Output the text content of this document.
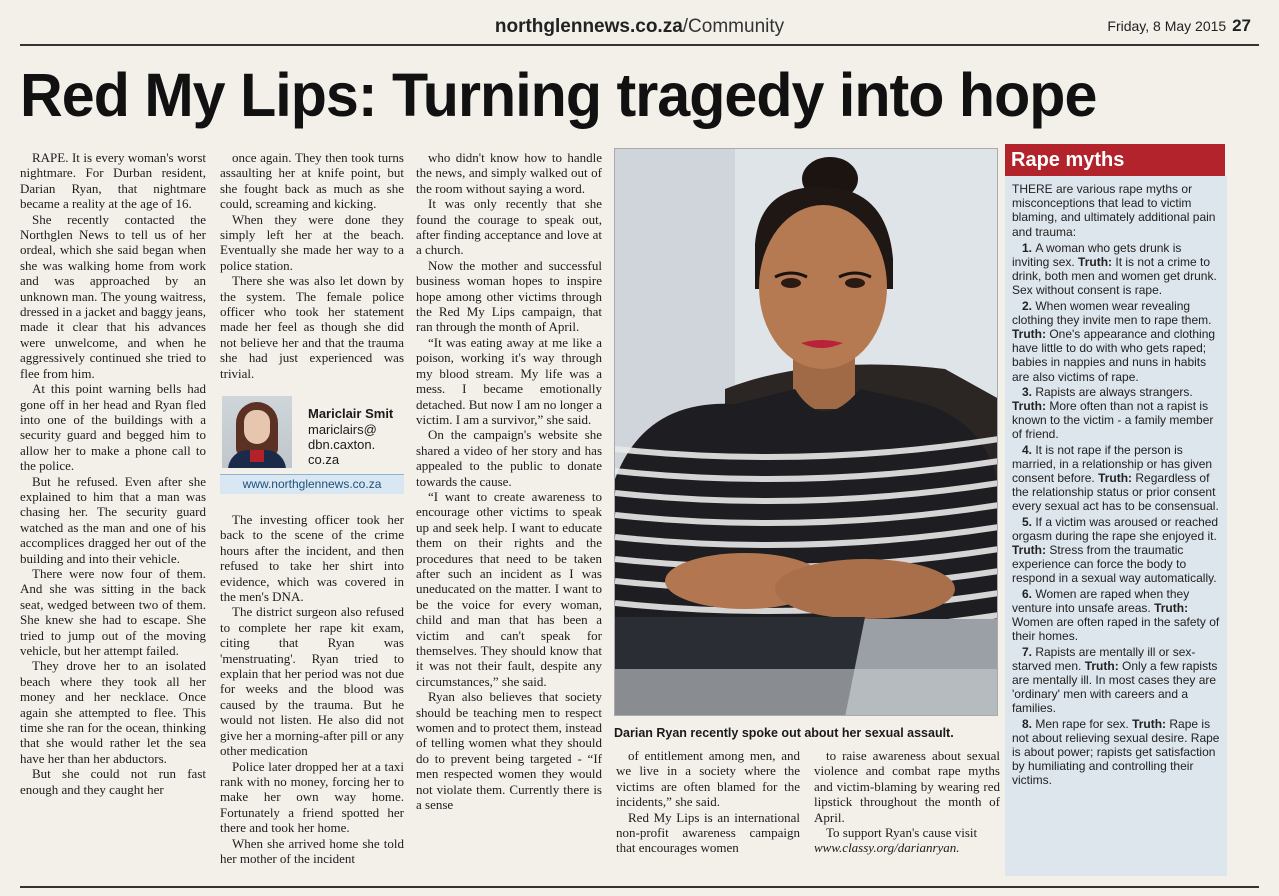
northglennews.co.za/Community	Friday, 8 May 2015 27
Red My Lips: Turning tragedy into hope

RAPE. It is every woman's worst nightmare. For Durban resident, Darian Ryan, that nightmare became a reality at the age of 16.

She recently contacted the Northglen News to tell us of her ordeal, which she said began when she was walking home from work and was approached by an unknown man. The young waitress, dressed in a jacket and baggy jeans, made it clear that his advances were unwelcome, and when he aggressively continued she tried to flee from him.

At this point warning bells had gone off in her head and Ryan fled into one of the buildings with a security guard and begged him to allow her to make a phone call to the police.

But he refused. Even after she explained to him that a man was chasing her. The security guard watched as the man and one of his accomplices dragged her out of the building and into their vehicle.

There were now four of them. And she was sitting in the back seat, wedged between two of them. She knew she had to escape. She tried to jump out of the moving vehicle, but her attempt failed.

They drove her to an isolated beach where they took all her money and her necklace. Once again she attempted to flee. This time she ran for the ocean, thinking that she would rather let the sea have her than her abductors.

But she could not run fast enough and they caught her

once again. They then took turns assaulting her at knife point, but she fought back as much as she could, screaming and kicking.

When they were done they simply left her at the beach. Eventually she made her way to a police station.

There she was also let down by the system. The female police officer who took her statement made her feel as though she did not believe her and that the trauma she had just experienced was trivial.

Mariclair Smit
mariclairs@ dbn.caxton. co.za
www.northglennews.co.za

The investing officer took her back to the scene of the crime hours after the incident, and then refused to take her shirt into evidence, which was covered in the men's DNA.

The district surgeon also refused to complete her rape kit exam, citing that Ryan was 'menstruating'. Ryan tried to explain that her period was not due for weeks and the blood was caused by the trauma. But he would not listen. He also did not give her a morning-after pill or any other medication

Police later dropped her at a taxi rank with no money, forcing her to make her own way home. Fortunately a friend spotted her there and took her home.

When she arrived home she told her mother of the incident

who didn't know how to handle the news, and simply walked out of the room without saying a word.

It was only recently that she found the courage to speak out, after finding acceptance and love at a church.

Now the mother and successful business woman hopes to inspire hope among other victims through the Red My Lips campaign, that ran through the month of April.

“It was eating away at me like a poison, working it's way through my blood stream. My life was a mess. I became emotionally detached. But now I am no longer a victim. I am a survivor,” she said.

On the campaign's website she shared a video of her story and has appealed to the public to donate towards the cause.

“I want to create awareness to encourage other victims to speak up and seek help. I want to educate them on their rights and the procedures that need to be taken after such an incident as I was uneducated on the matter. I want to be the voice for every woman, child and man that has been a victim and can't speak for themselves. They should know that it was not their fault, despite any circumstances,” she said.

Ryan also believes that society should be teaching men to respect women and to protect them, instead of telling women what they should do to prevent being targeted - “If men respected women they would not violate them. Currently there is a sense

Darian Ryan recently spoke out about her sexual assault.

of entitlement among men, and we live in a society where the victims are often blamed for the incidents,” she said.

Red My Lips is an international non-profit awareness campaign that encourages women

to raise awareness about sexual violence and combat rape myths and victim-blaming by wearing red lipstick throughout the month of April.

To support Ryan's cause visit

www.classy.org/darianryan.
Rape myths

THERE are various rape myths or misconceptions that lead to victim blaming, and ultimately additional pain and trauma:

1. A woman who gets drunk is inviting sex. Truth: It is not a crime to drink, both men and women get drunk. Sex without consent is rape.

2. When women wear revealing clothing they invite men to rape them. Truth: One's appearance and clothing have little to do with who gets raped; babies in nappies and nuns in habits are also victims of rape.

3. Rapists are always strangers. Truth: More often than not a rapist is known to the victim - a family member of friend.

4. It is not rape if the person is married, in a relationship or has given consent before. Truth: Regardless of the relationship status or prior consent every sexual act has to be consensual.

5. If a victim was aroused or reached orgasm during the rape she enjoyed it. Truth: Stress from the traumatic experience can force the body to respond in a sexual way automatically.

6. Women are raped when they venture into unsafe areas. Truth: Women are often raped in the safety of their homes.

7. Rapists are mentally ill or sex-starved men. Truth: Only a few rapists are mentally ill. In most cases they are 'ordinary' men with careers and a families.

8. Men rape for sex. Truth: Rape is not about relieving sexual desire. Rape is about power; rapists get satisfaction by humiliating and controlling their victims.
